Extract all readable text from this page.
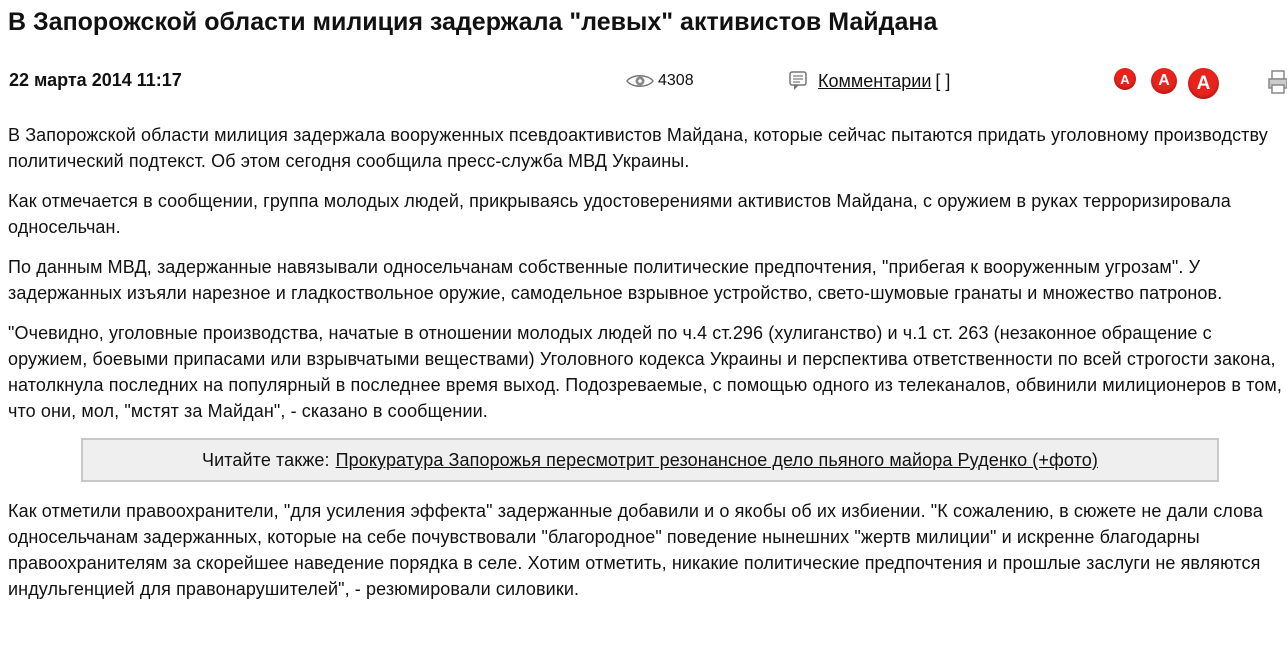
В Запорожской области милиция задержала "левых" активистов Майдана
22 марта 2014 11:17	4308	Комментарии [ ]	A	A	A

В Запорожской области милиция задержала вооруженных псевдоактивистов Майдана, которые сейчас пытаются придать уголовному производству политический подтекст. Об этом сегодня сообщила пресс-служба МВД Украины.

Как отмечается в сообщении, группа молодых людей, прикрываясь удостоверениями активистов Майдана, с оружием в руках терроризировала односельчан.

По данным МВД, задержанные навязывали односельчанам собственные политические предпочтения, "прибегая к вооруженным угрозам". У задержанных изъяли нарезное и гладкоствольное оружие, самодельное взрывное устройство, свето-шумовые гранаты и множество патронов.

"Очевидно, уголовные производства, начатые в отношении молодых людей по ч.4 ст.296 (хулиганство) и ч.1 ст. 263 (незаконное обращение с оружием, боевыми припасами или взрывчатыми веществами) Уголовного кодекса Украины и перспектива ответственности по всей строгости закона, натолкнула последних на популярный в последнее время выход. Подозреваемые, с помощью одного из телеканалов, обвинили милиционеров в том, что они, мол, "мстят за Майдан", - сказано в сообщении.

Читайте также: Прокуратура Запорожья пересмотрит резонансное дело пьяного майора Руденко (+фото)

Как отметили правоохранители, "для усиления эффекта" задержанные добавили и о якобы об их избиении. "К сожалению, в сюжете не дали слова односельчанам задержанных, которые на себе почувствовали "благородное" поведение нынешних "жертв милиции" и искренне благодарны правоохранителям за скорейшее наведение порядка в селе. Хотим отметить, никакие политические предпочтения и прошлые заслуги не являются индульгенцией для правонарушителей", - резюмировали силовики.
